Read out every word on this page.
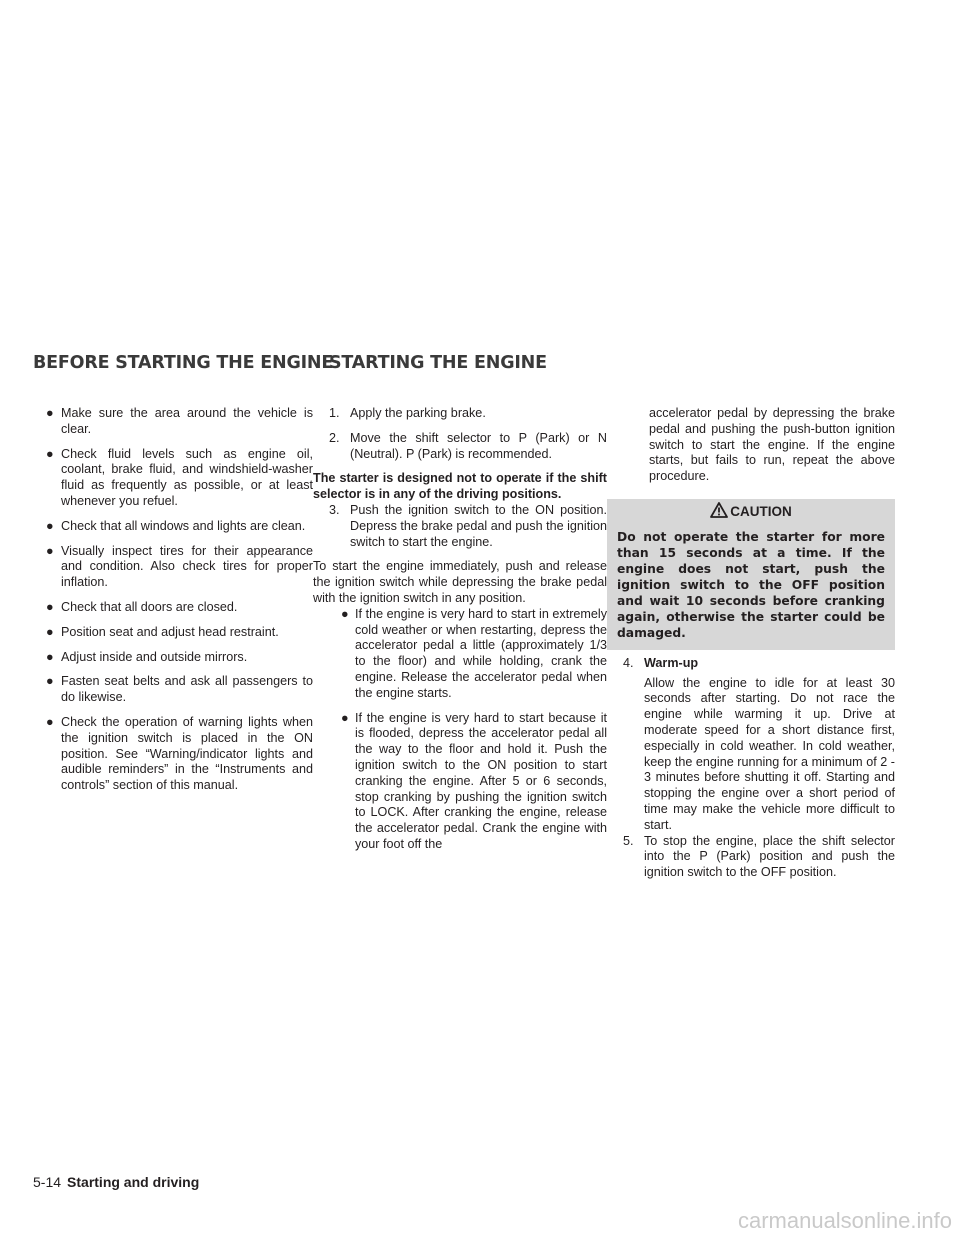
BEFORE STARTING THE ENGINE
STARTING THE ENGINE
● Make sure the area around the vehicle is clear.

● Check fluid levels such as engine oil, coolant, brake fluid, and windshield-washer fluid as frequently as possible, or at least whenever you refuel.

● Check that all windows and lights are clean.

● Visually inspect tires for their appearance and condition. Also check tires for proper inflation.

● Check that all doors are closed.

● Position seat and adjust head restraint.

● Adjust inside and outside mirrors.

● Fasten seat belts and ask all passengers to do likewise.

● Check the operation of warning lights when the ignition switch is placed in the ON position. See “Warning/indicator lights and audible reminders” in the “Instruments and controls” section of this manual.

1. Apply the parking brake.

2. Move the shift selector to P (Park) or N (Neutral). P (Park) is recommended.

The starter is designed not to operate if the shift selector is in any of the driving positions.

3. Push the ignition switch to the ON position. Depress the brake pedal and push the ignition switch to start the engine.

To start the engine immediately, push and release the ignition switch while depressing the brake pedal with the ignition switch in any position.

● If the engine is very hard to start in extremely cold weather or when restarting, depress the accelerator pedal a little (approximately 1/3 to the floor) and while holding, crank the engine. Release the accelerator pedal when the engine starts.

● If the engine is very hard to start because it is flooded, depress the accelerator pedal all the way to the floor and hold it. Push the ignition switch to the ON position to start cranking the engine. After 5 or 6 seconds, stop cranking by pushing the ignition switch to LOCK. After cranking the engine, release the accelerator pedal. Crank the engine with your foot off the

accelerator pedal by depressing the brake pedal and pushing the push-button ignition switch to start the engine. If the engine starts, but fails to run, repeat the above procedure.

CAUTION

Do not operate the starter for more than 15 seconds at a time. If the engine does not start, push the ignition switch to the OFF position and wait 10 seconds before cranking again, otherwise the starter could be damaged.

4. Warm-up

Allow the engine to idle for at least 30 seconds after starting. Do not race the engine while warming it up. Drive at moderate speed for a short distance first, especially in cold weather. In cold weather, keep the engine running for a minimum of 2 - 3 minutes before shutting it off. Starting and stopping the engine over a short period of time may make the vehicle more difficult to start.

5. To stop the engine, place the shift selector into the P (Park) position and push the ignition switch to the OFF position.

5-14 Starting and driving
carmanualsonline.info
